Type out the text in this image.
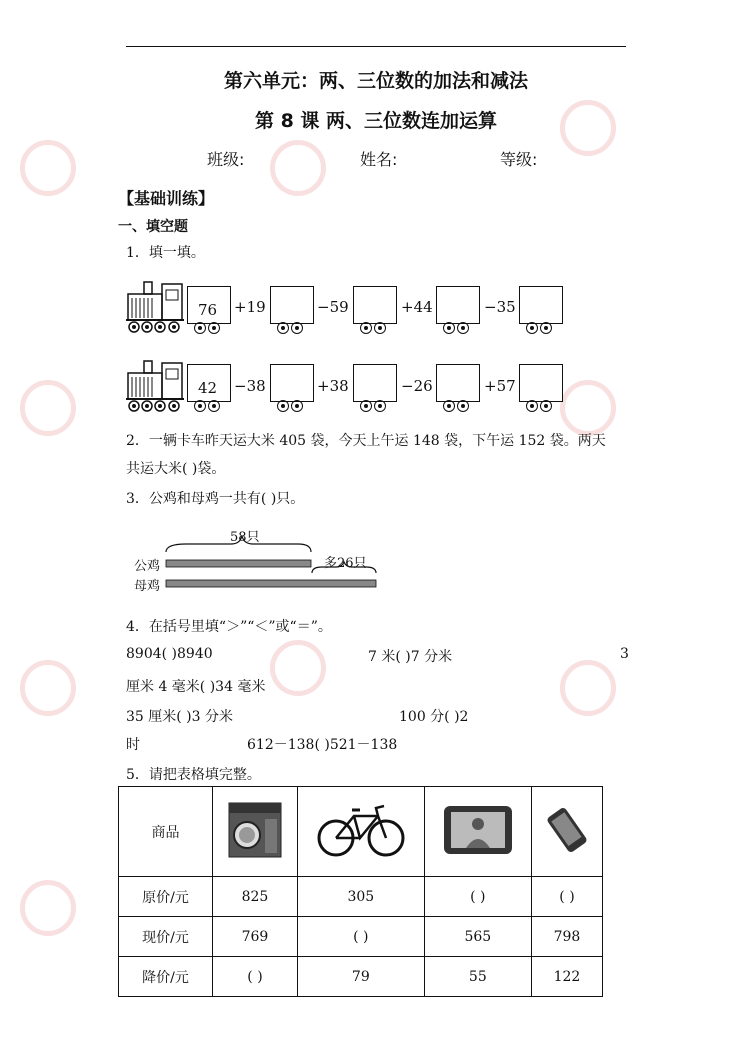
第六单元：两、三位数的加法和减法
第 8 课 两、三位数连加运算
班级:	姓名:	等级:
【基础训练】
一、填空题
1．填一填。
76 +19	−59	+44	−35
42 −38	+38	−26	+57
2．一辆卡车昨天运大米 405 袋，今天上午运 148 袋，下午运 152 袋。两天
共运大米( )袋。
3．公鸡和母鸡一共有( )只。
58只
多26只
公鸡
母鸡
4．在括号里填“＞”“＜”或“＝”。
8904( )8940	7 米( )7 分米	3
厘米 4 毫米( )34 毫米
35 厘米( )3 分米	100 分( )2
时	612－138( )521－138
5．请把表格填完整。
商品				
原价/元	825	305	( )	( )
现价/元	769	( )	565	798
降价/元	( )	79	55	122
